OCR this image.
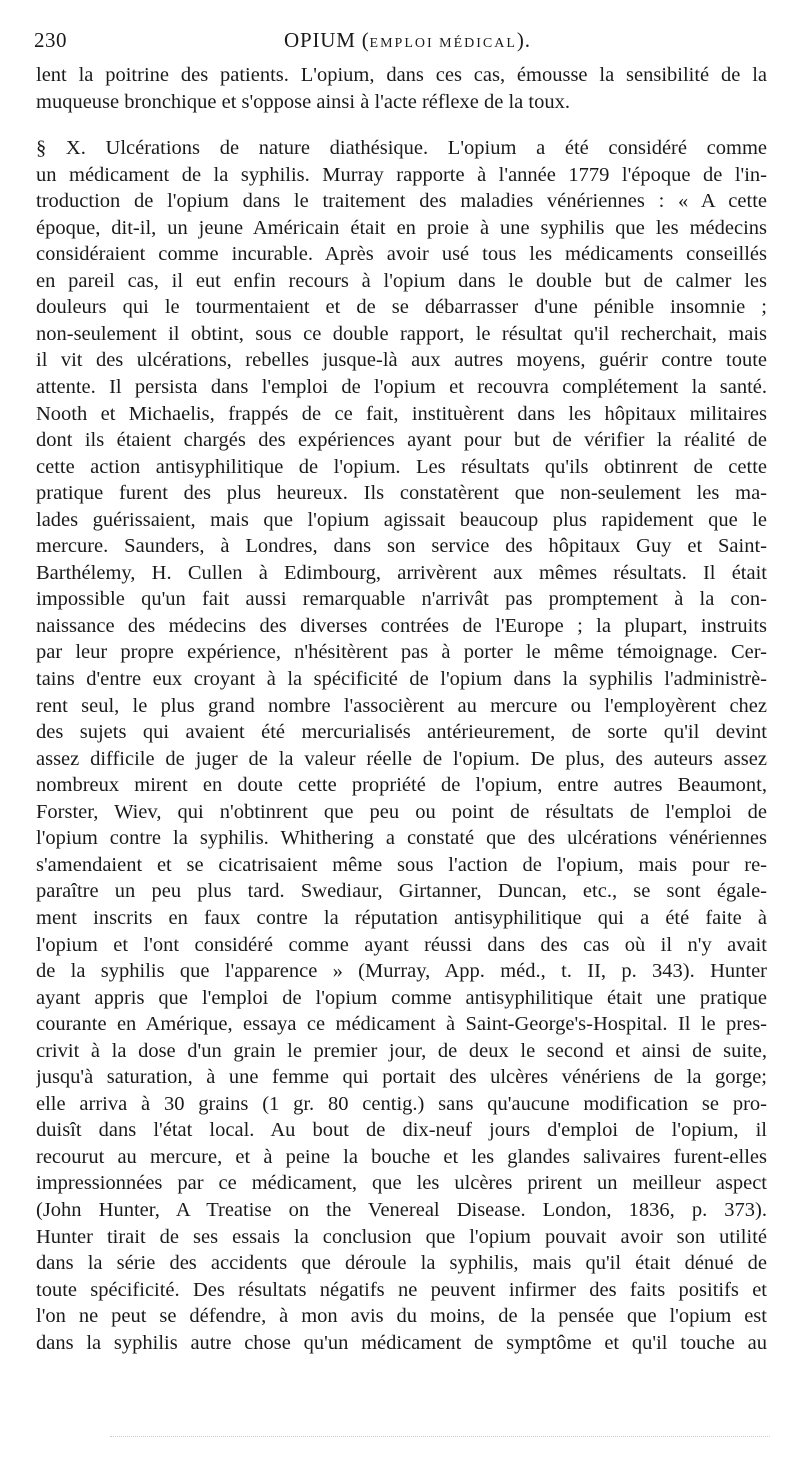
230	OPIUM (EMPLOI MÉDICAL).
lent la poitrine des patients. L'opium, dans ces cas, émousse la sensibilité de la
muqueuse bronchique et s'oppose ainsi à l'acte réflexe de la toux.
§ X. Ulcérations de nature diathésique. L'opium a été considéré comme
un médicament de la syphilis. Murray rapporte à l'année 1779 l'époque de l'in-
troduction de l'opium dans le traitement des maladies vénériennes : « A cette
époque, dit-il, un jeune Américain était en proie à une syphilis que les médecins
considéraient comme incurable. Après avoir usé tous les médicaments conseillés
en pareil cas, il eut enfin recours à l'opium dans le double but de calmer les
douleurs qui le tourmentaient et de se débarrasser d'une pénible insomnie ;
non-seulement il obtint, sous ce double rapport, le résultat qu'il recherchait, mais
il vit des ulcérations, rebelles jusque-là aux autres moyens, guérir contre toute
attente. Il persista dans l'emploi de l'opium et recouvra complétement la santé.
Nooth et Michaelis, frappés de ce fait, instituèrent dans les hôpitaux militaires
dont ils étaient chargés des expériences ayant pour but de vérifier la réalité de
cette action antisyphilitique de l'opium. Les résultats qu'ils obtinrent de cette
pratique furent des plus heureux. Ils constatèrent que non-seulement les ma-
lades guérissaient, mais que l'opium agissait beaucoup plus rapidement que le
mercure. Saunders, à Londres, dans son service des hôpitaux Guy et Saint-
Barthélemy, H. Cullen à Edimbourg, arrivèrent aux mêmes résultats. Il était
impossible qu'un fait aussi remarquable n'arrivât pas promptement à la con-
naissance des médecins des diverses contrées de l'Europe ; la plupart, instruits
par leur propre expérience, n'hésitèrent pas à porter le même témoignage. Cer-
tains d'entre eux croyant à la spécificité de l'opium dans la syphilis l'administrè-
rent seul, le plus grand nombre l'associèrent au mercure ou l'employèrent chez
des sujets qui avaient été mercurialisés antérieurement, de sorte qu'il devint
assez difficile de juger de la valeur réelle de l'opium. De plus, des auteurs assez
nombreux mirent en doute cette propriété de l'opium, entre autres Beaumont,
Forster, Wiev, qui n'obtinrent que peu ou point de résultats de l'emploi de
l'opium contre la syphilis. Whithering a constaté que des ulcérations vénériennes
s'amendaient et se cicatrisaient même sous l'action de l'opium, mais pour re-
paraître un peu plus tard. Swediaur, Girtanner, Duncan, etc., se sont égale-
ment inscrits en faux contre la réputation antisyphilitique qui a été faite à
l'opium et l'ont considéré comme ayant réussi dans des cas où il n'y avait
de la syphilis que l'apparence » (Murray, App. méd., t. II, p. 343). Hunter
ayant appris que l'emploi de l'opium comme antisyphilitique était une pratique
courante en Amérique, essaya ce médicament à Saint-George's-Hospital. Il le pres-
crivit à la dose d'un grain le premier jour, de deux le second et ainsi de suite,
jusqu'à saturation, à une femme qui portait des ulcères vénériens de la gorge;
elle arriva à 30 grains (1 gr. 80 centig.) sans qu'aucune modification se pro-
duisît dans l'état local. Au bout de dix-neuf jours d'emploi de l'opium, il
recourut au mercure, et à peine la bouche et les glandes salivaires furent-elles
impressionnées par ce médicament, que les ulcères prirent un meilleur aspect
(John Hunter, A Treatise on the Venereal Disease. London, 1836, p. 373).
Hunter tirait de ses essais la conclusion que l'opium pouvait avoir son utilité
dans la série des accidents que déroule la syphilis, mais qu'il était dénué de
toute spécificité. Des résultats négatifs ne peuvent infirmer des faits positifs et
l'on ne peut se défendre, à mon avis du moins, de la pensée que l'opium est
dans la syphilis autre chose qu'un médicament de symptôme et qu'il touche au
